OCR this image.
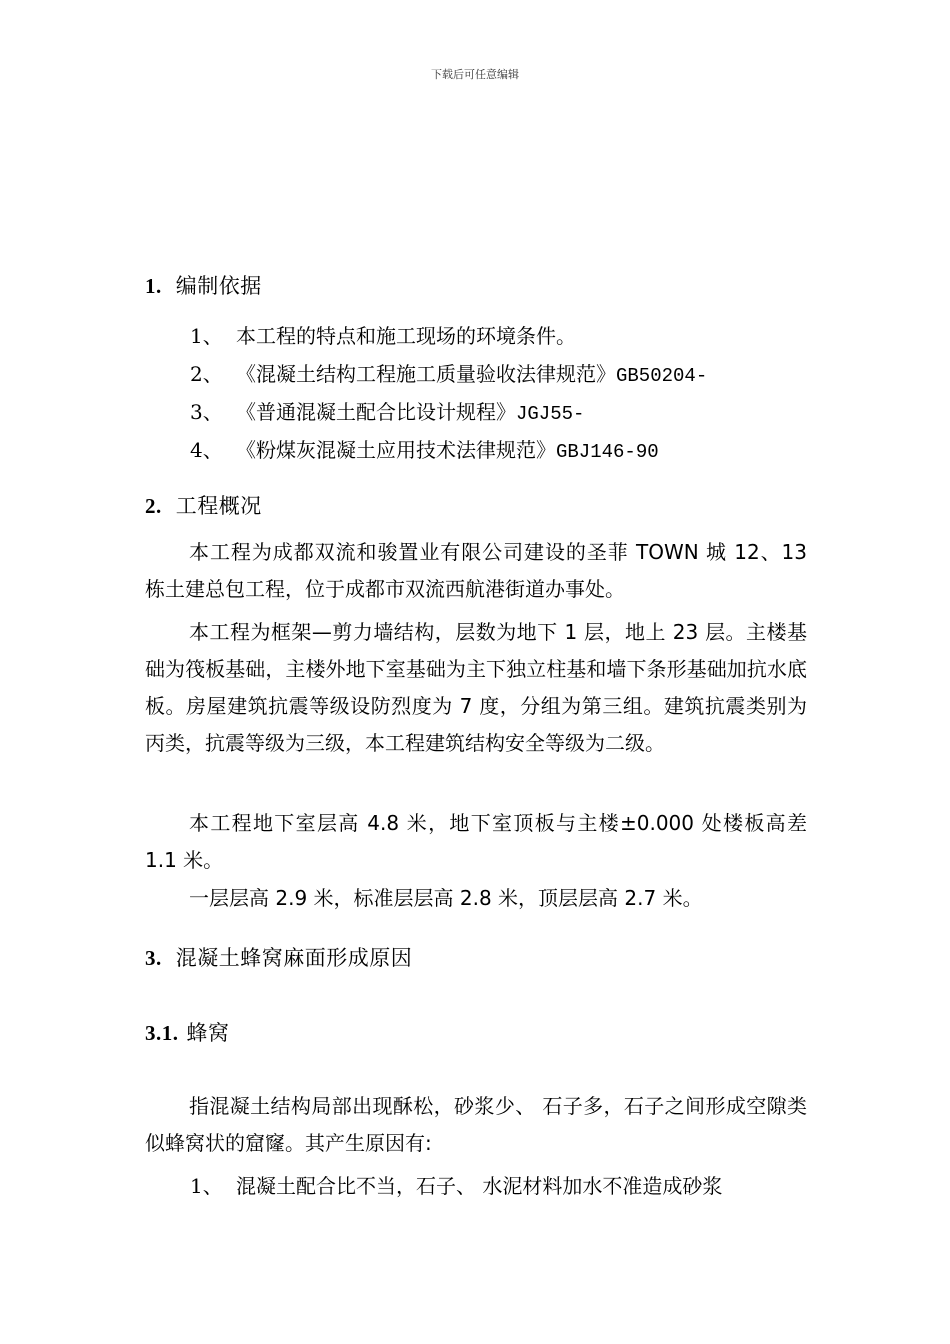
下载后可任意编辑
1. 编制依据
1、 本工程的特点和施工现场的环境条件。
2、 《混凝土结构工程施工质量验收法律规范》GB50204-
3、 《普通混凝土配合比设计规程》JGJ55-
4、 《粉煤灰混凝土应用技术法律规范》GBJ146-90
2. 工程概况
本工程为成都双流和骏置业有限公司建设的圣菲 TOWN 城 12、13 栋土建总包工程，位于成都市双流西航港街道办事处。
本工程为框架—剪力墙结构，层数为地下 1 层，地上 23 层。主楼基础为筏板基础，主楼外地下室基础为主下独立柱基和墙下条形基础加抗水底板。房屋建筑抗震等级设防烈度为 7 度，分组为第三组。建筑抗震类别为丙类，抗震等级为三级，本工程建筑结构安全等级为二级。
本工程地下室层高 4.8 米，地下室顶板与主楼±0.000 处楼板高差 1.1 米。
一层层高 2.9 米，标准层层高 2.8 米，顶层层高 2.7 米。
3. 混凝土蜂窝麻面形成原因
3.1. 蜂窝
指混凝土结构局部出现酥松，砂浆少、 石子多，石子之间形成空隙类似蜂窝状的窟窿。其产生原因有:
1、 混凝土配合比不当，石子、 水泥材料加水不准造成砂浆
